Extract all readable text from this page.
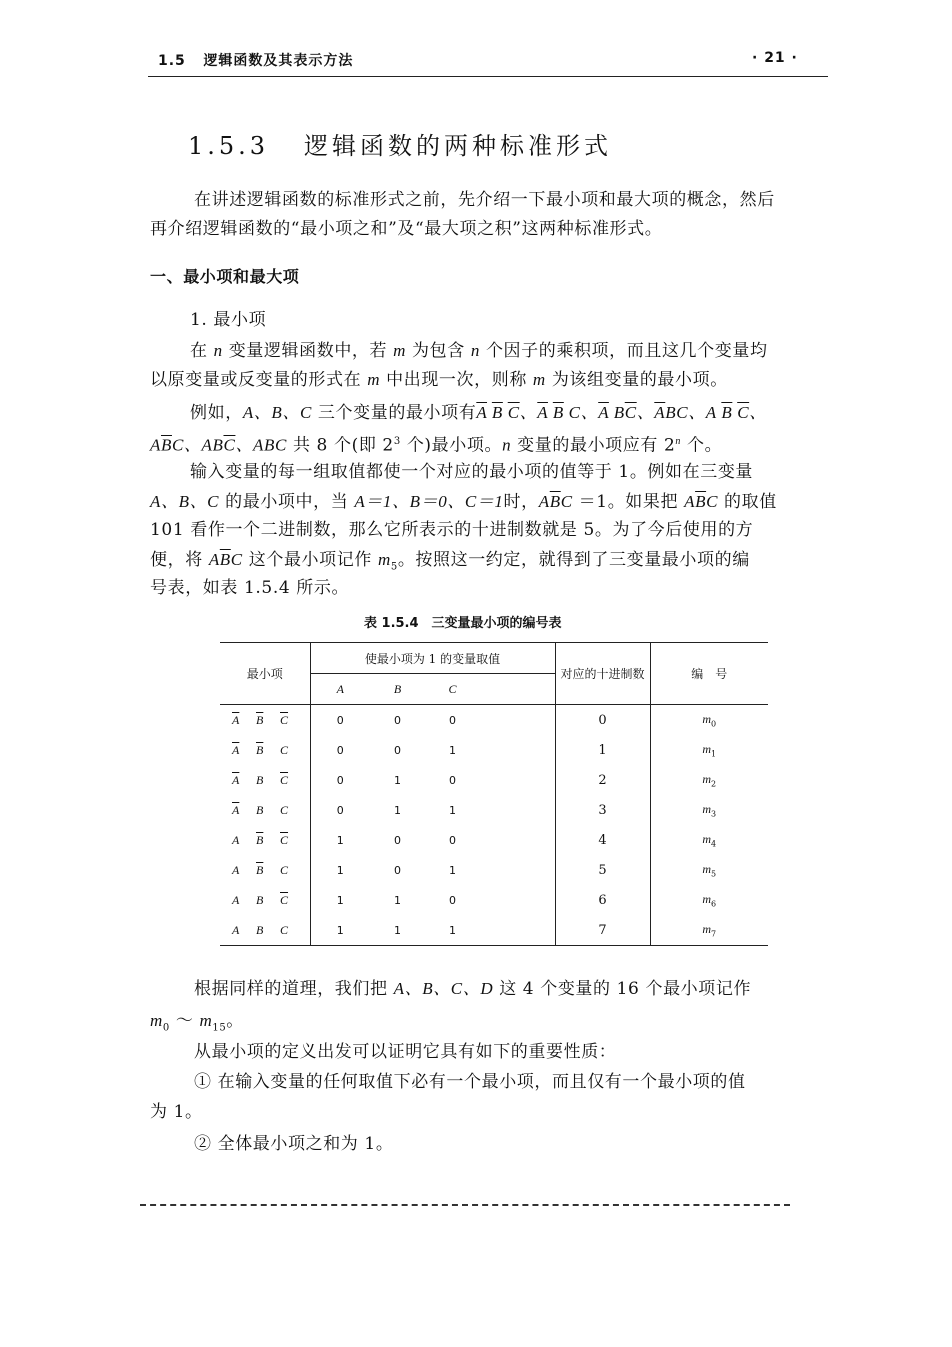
1.5 逻辑函数及其表示方法	· 21 ·
1.5.3 逻辑函数的两种标准形式
在讲述逻辑函数的标准形式之前，先介绍一下最小项和最大项的概念，然后
再介绍逻辑函数的“最小项之和”及“最大项之积”这两种标准形式。
一、最小项和最大项
1. 最小项
在 n 变量逻辑函数中，若 m 为包含 n 个因子的乘积项，而且这几个变量均
以原变量或反变量的形式在 m 中出现一次，则称 m 为该组变量的最小项。
例如，A、B、C 三个变量的最小项有$\overline{A}$ $\overline{B}$ $\overline{C}$、$\overline{A}$ $\overline{B}$ C、$\overline{A}$ $B\overline{C}$、$\overline{A}BC$、A $\overline{B}$ $\overline{C}$、
$A\overline{B}C$、$AB\overline{C}$、ABC 共 8 个(即 $2^3$ 个)最小项。n 变量的最小项应有 2$^n$ 个。
输入变量的每一组取值都使一个对应的最小项的值等于 1。例如在三变量
A、B、C 的最小项中，当 A＝1、B＝0、C＝1时，$A\overline{B}C =1$。如果把 $A\overline{B}C$ 的取值
101 看作一个二进制数，那么它所表示的十进制数就是 5。为了今后使用的方
便，将 $A\overline{B}C$ 这个最小项记作 $m_5$。按照这一约定，就得到了三变量最小项的编
号表，如表 1.5.4 所示。
表 1.5.4　三变量最小项的编号表
最小项	使最小项为 1 的变量取值				对应的十进制数	编　号
	A	B	C			
$\overline{A}$ $\overline{B}$ $\overline{C}$	0	0	0		0	$m_0$
$\overline{A}$ $\overline{B}$ C	0	0	1		1	$m_1$
$\overline{A}$ B $\overline{C}$	0	1	0		2	$m_2$
$\overline{A}$ B C	0	1	1		3	$m_3$
A $\overline{B}$ $\overline{C}$	1	0	0		4	$m_4$
A $\overline{B}$ C	1	0	1		5	$m_5$
A B $\overline{C}$	1	1	0		6	$m_6$
A B C	1	1	1		7	$m_7$
根据同样的道理，我们把 A、B、C、D 这 4 个变量的 16 个最小项记作
$m_0$ ～ $m_{15}$。
从最小项的定义出发可以证明它具有如下的重要性质：
① 在输入变量的任何取值下必有一个最小项，而且仅有一个最小项的值
为 1。
② 全体最小项之和为 1。
